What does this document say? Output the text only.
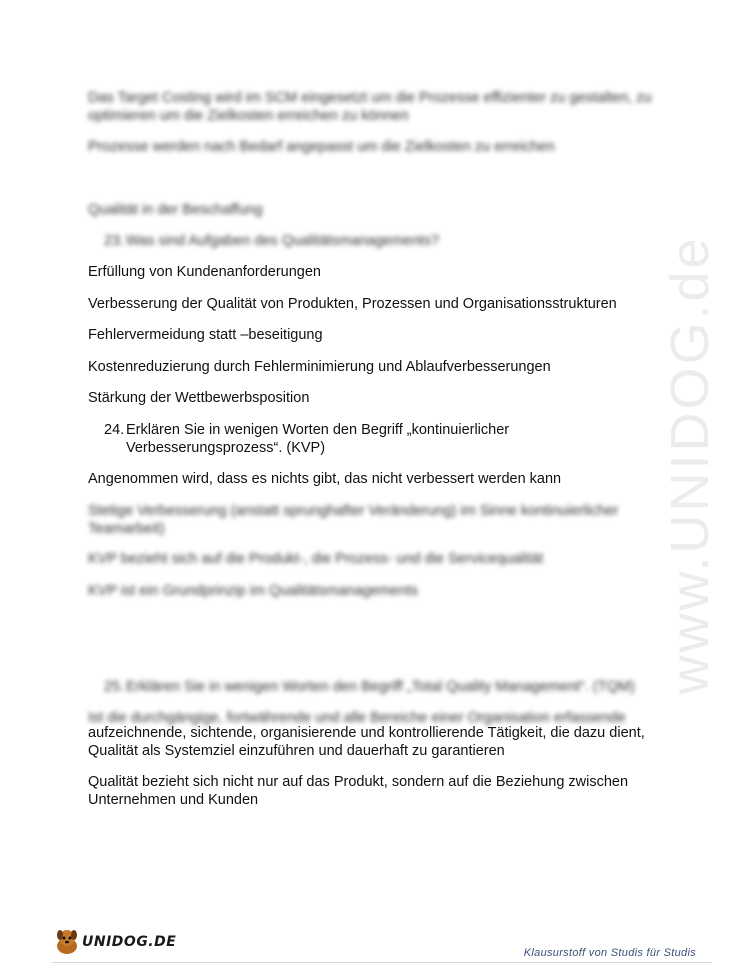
www.UNIDOG.de
Das Target Costing wird im SCM eingesetzt um die Prozesse effizienter zu gestalten, zu optimieren um die Zielkosten erreichen zu können
Prozesse werden nach Bedarf angepasst um die Zielkosten zu erreichen
Qualität in der Beschaffung
23. Was sind Aufgaben des Qualitätsmanagements?
Erfüllung von Kundenanforderungen
Verbesserung der Qualität von Produkten, Prozessen und Organisationsstrukturen
Fehlervermeidung statt –beseitigung
Kostenreduzierung durch Fehlerminimierung und Ablaufverbesserungen
Stärkung der Wettbewerbsposition
24. Erklären Sie in wenigen Worten den Begriff „kontinuierlicher Verbesserungsprozess“. (KVP)
Angenommen wird, dass es nichts gibt, das nicht verbessert werden kann
Stetige Verbesserung (anstatt sprunghafter Veränderung) im Sinne kontinuierlicher Teamarbeit)
KVP bezieht sich auf die Produkt-, die Prozess- und die Servicequalität
KVP ist ein Grundprinzip im Qualitätsmanagements
25. Erklären Sie in wenigen Worten den Begriff „Total Quality Management“. (TQM)
Ist die durchgängige, fortwährende und alle Bereiche einer Organisation erfassende
aufzeichnende, sichtende, organisierende und kontrollierende Tätigkeit, die dazu dient, Qualität als Systemziel einzuführen und dauerhaft zu garantieren
Qualität bezieht sich nicht nur auf das Produkt, sondern auf die Beziehung zwischen Unternehmen und Kunden
UNIDOG.DE
Klausurstoff von Studis für Studis
